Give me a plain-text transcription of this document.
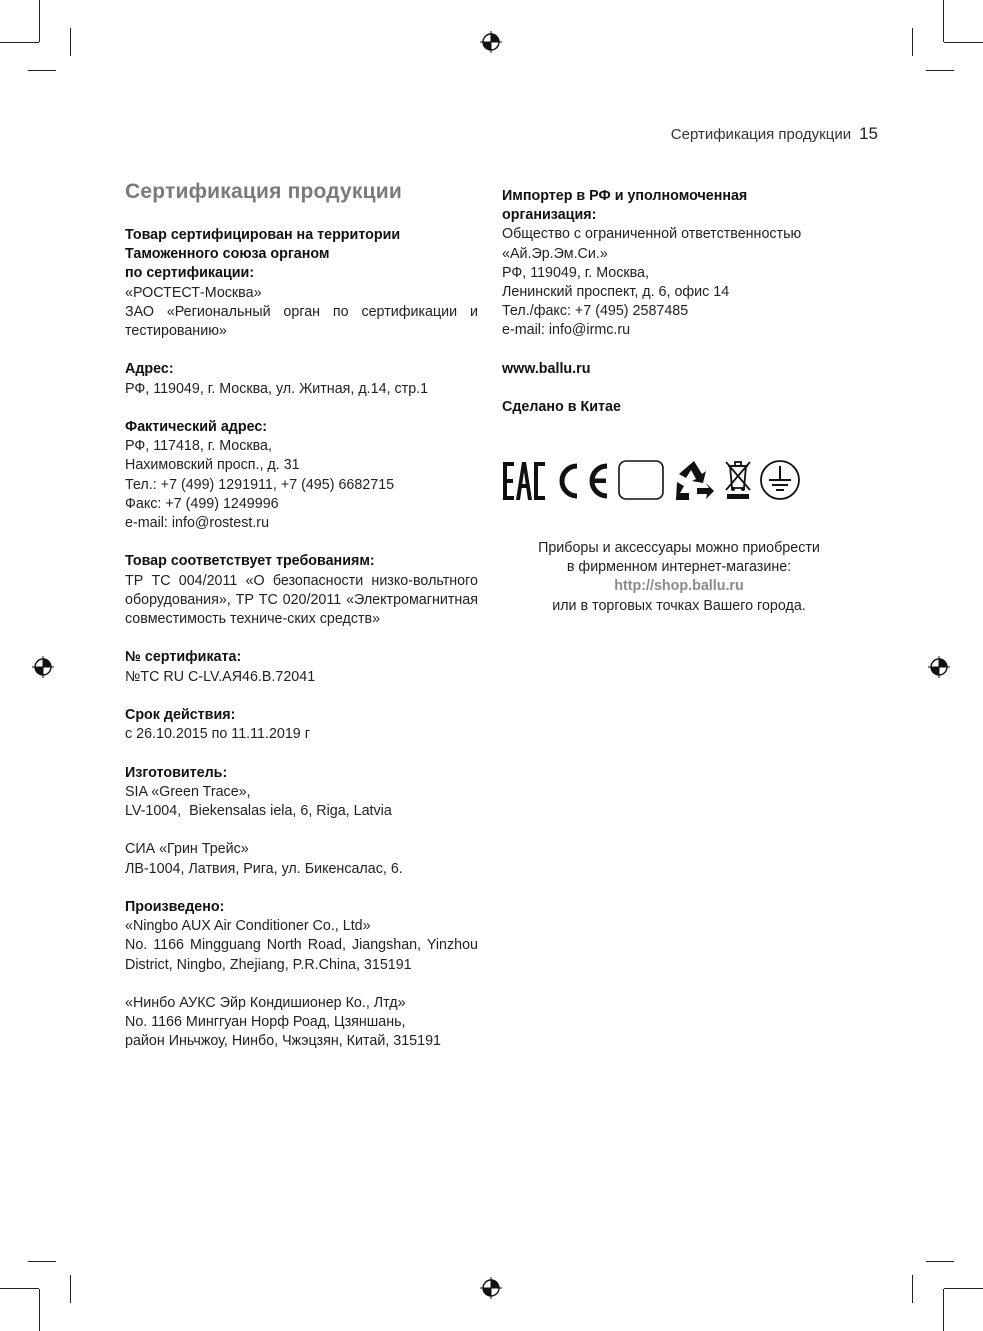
Сертификация продукции 15
Сертификация продукции
Товар сертифицирован на территории
Таможенного союза органом
по сертификации:
«РОСТЕСТ-Москва»
ЗАО «Региональный орган по сертификации и тестированию»
Адрес:
РФ, 119049, г. Москва, ул. Житная, д.14, стр.1
Фактический адрес:
РФ, 117418, г. Москва,
Нахимовский просп., д. 31
Тел.: +7 (499) 1291911, +7 (495) 6682715
Факс: +7 (499) 1249996
e-mail: info@rostest.ru
Товар соответствует требованиям:
ТР ТС 004/2011 «О безопасности низко-вольтного оборудования», ТР ТС 020/2011 «Электромагнитная совместимость техниче-ских средств»
№ сертификата:
№ТС RU C-LV.АЯ46.В.72041
Срок действия:
с 26.10.2015 по 11.11.2019 г
Изготовитель:
SIA «Green Trace»,
LV-1004,  Biekensalas iela, 6, Riga, Latvia
СИА «Грин Трейс»
ЛВ-1004, Латвия, Рига, ул. Бикенсалас, 6.
Произведено:
«Ningbo AUX Air Conditioner Co., Ltd»
No. 1166 Mingguang North Road, Jiangshan, Yinzhou District, Ningbo, Zhejiang, P.R.China, 315191
«Нинбо АУКС Эйр Кондишионер Ко., Лтд»
No. 1166 Минггуан Норф Роад, Цзяншань,
район Иньчжоу, Нинбо, Чжэцзян, Китай, 315191
Импортер в РФ и уполномоченная
организация:
Общество с ограниченной ответственностью
«Ай.Эр.Эм.Си.»
РФ, 119049, г. Москва,
Ленинский проспект, д. 6, офис 14
Тел./факс: +7 (495) 2587485
e-mail: info@irmc.ru
www.ballu.ru
Сделано в Китае
Приборы и аксессуары можно приобрести
в фирменном интернет-магазине:
http://shop.ballu.ru
или в торговых точках Вашего города.
